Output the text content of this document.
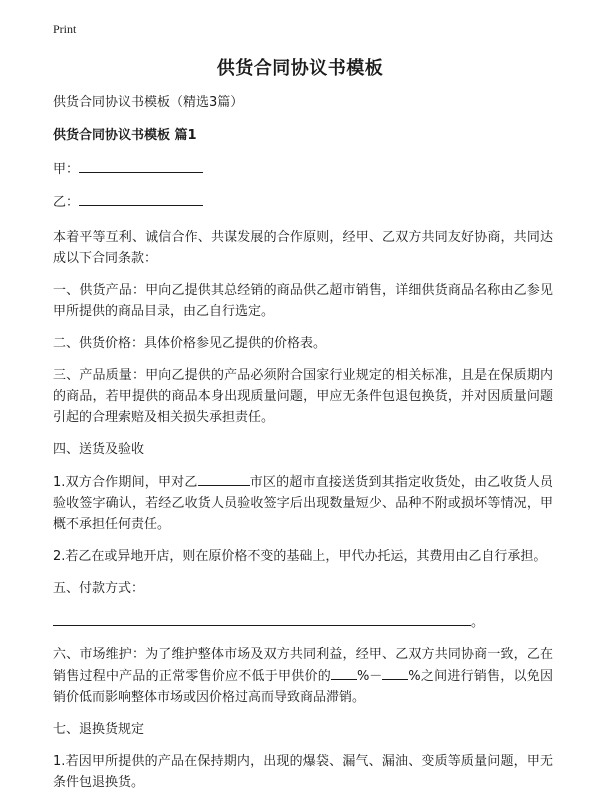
Print
供货合同协议书模板

供货合同协议书模板（精选3篇）

供货合同协议书模板 篇1

甲：

乙：

本着平等互利、诚信合作、共谋发展的合作原则，经甲、乙双方共同友好协商，共同达成以下合同条款：

一、供货产品：甲向乙提供其总经销的商品供乙超市销售，详细供货商品名称由乙参见甲所提供的商品目录，由乙自行选定。

二、供货价格：具体价格参见乙提供的价格表。

三、产品质量：甲向乙提供的产品必须附合国家行业规定的相关标准，且是在保质期内的商品，若甲提供的商品本身出现质量问题，甲应无条件包退包换货，并对因质量问题引起的合理索赔及相关损失承担责任。

四、送货及验收

1.双方合作期间，甲对乙	市区的超市直接送货到其指定收货处，由乙收货人员验收签字确认，若经乙收货人员验收签字后出现数量短少、品种不附或损坏等情况，甲概不承担任何责任。

2.若乙在或异地开店，则在原价格不变的基础上，甲代办托运，其费用由乙自行承担。

五、付款方式：

。

六、市场维护：为了维护整体市场及双方共同利益，经甲、乙双方共同协商一致，乙在销售过程中产品的正常零售价应不低于甲供价的 %－ %之间进行销售，以免因销价低而影响整体市场或因价格过高而导致商品滞销。

七、退换货规定

1.若因甲所提供的产品在保持期内，出现的爆袋、漏气、漏油、变质等质量问题，甲无条件包退换货。
